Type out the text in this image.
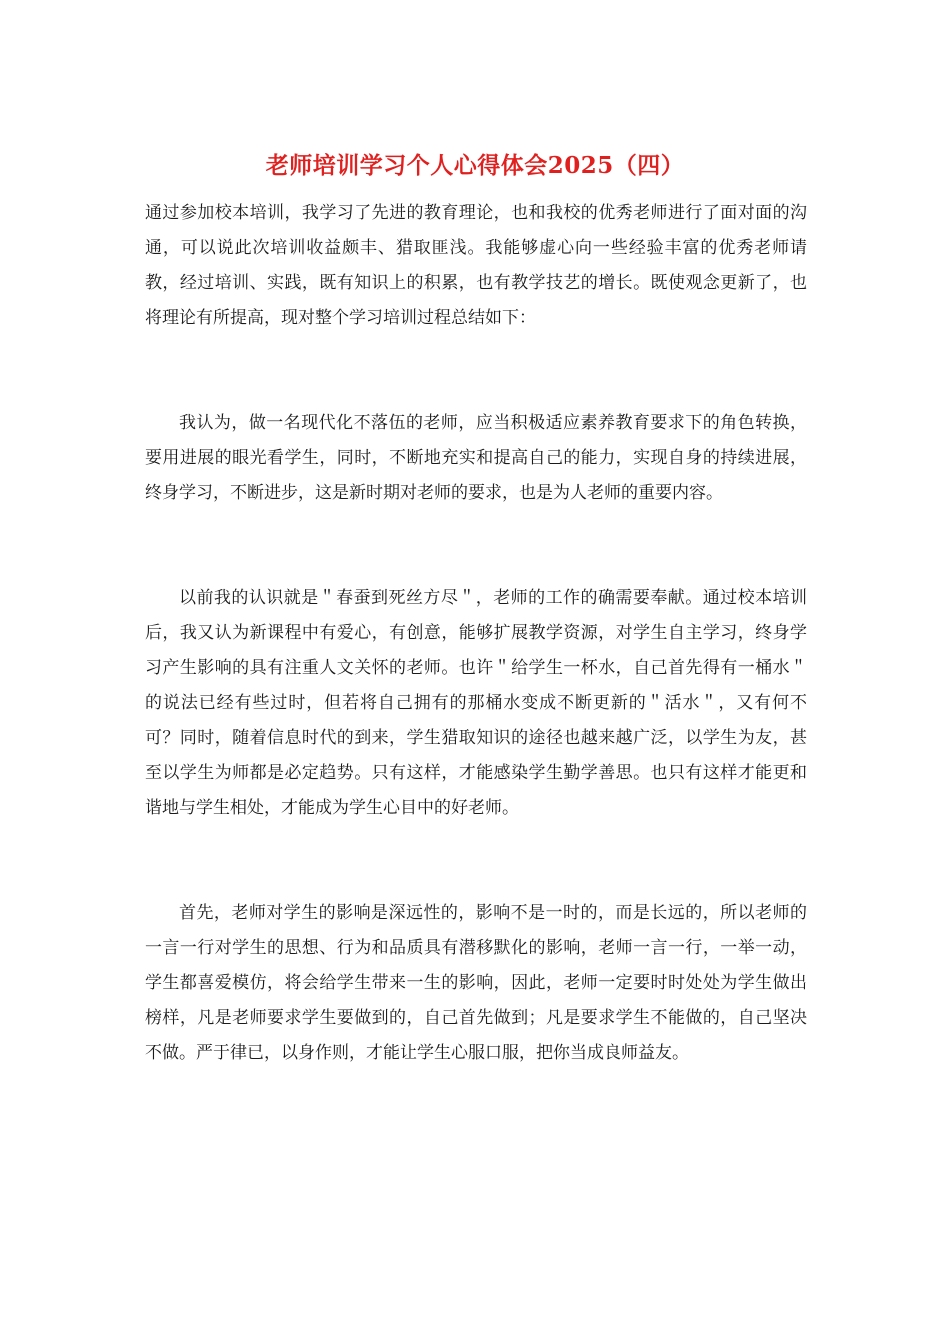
老师培训学习个人心得体会2025（四）

通过参加校本培训，我学习了先进的教育理论，也和我校的优秀老师进行了面对面的沟通，可以说此次培训收益颇丰、猎取匪浅。我能够虚心向一些经验丰富的优秀老师请教，经过培训、实践，既有知识上的积累，也有教学技艺的增长。既使观念更新了，也将理论有所提高，现对整个学习培训过程总结如下：

我认为，做一名现代化不落伍的老师，应当积极适应素养教育要求下的角色转换，要用进展的眼光看学生，同时，不断地充实和提高自己的能力，实现自身的持续进展，终身学习，不断进步，这是新时期对老师的要求，也是为人老师的重要内容。

以前我的认识就是＂春蚕到死丝方尽＂，老师的工作的确需要奉献。通过校本培训后，我又认为新课程中有爱心，有创意，能够扩展教学资源，对学生自主学习，终身学习产生影响的具有注重人文关怀的老师。也许＂给学生一杯水，自己首先得有一桶水＂的说法已经有些过时，但若将自己拥有的那桶水变成不断更新的＂活水＂，又有何不可？同时，随着信息时代的到来，学生猎取知识的途径也越来越广泛，以学生为友，甚至以学生为师都是必定趋势。只有这样，才能感染学生勤学善思。也只有这样才能更和谐地与学生相处，才能成为学生心目中的好老师。

首先，老师对学生的影响是深远性的，影响不是一时的，而是长远的，所以老师的一言一行对学生的思想、行为和品质具有潜移默化的影响，老师一言一行，一举一动，学生都喜爱模仿，将会给学生带来一生的影响，因此，老师一定要时时处处为学生做出榜样，凡是老师要求学生要做到的，自己首先做到；凡是要求学生不能做的，自己坚决不做。严于律已，以身作则，才能让学生心服口服，把你当成良师益友。
